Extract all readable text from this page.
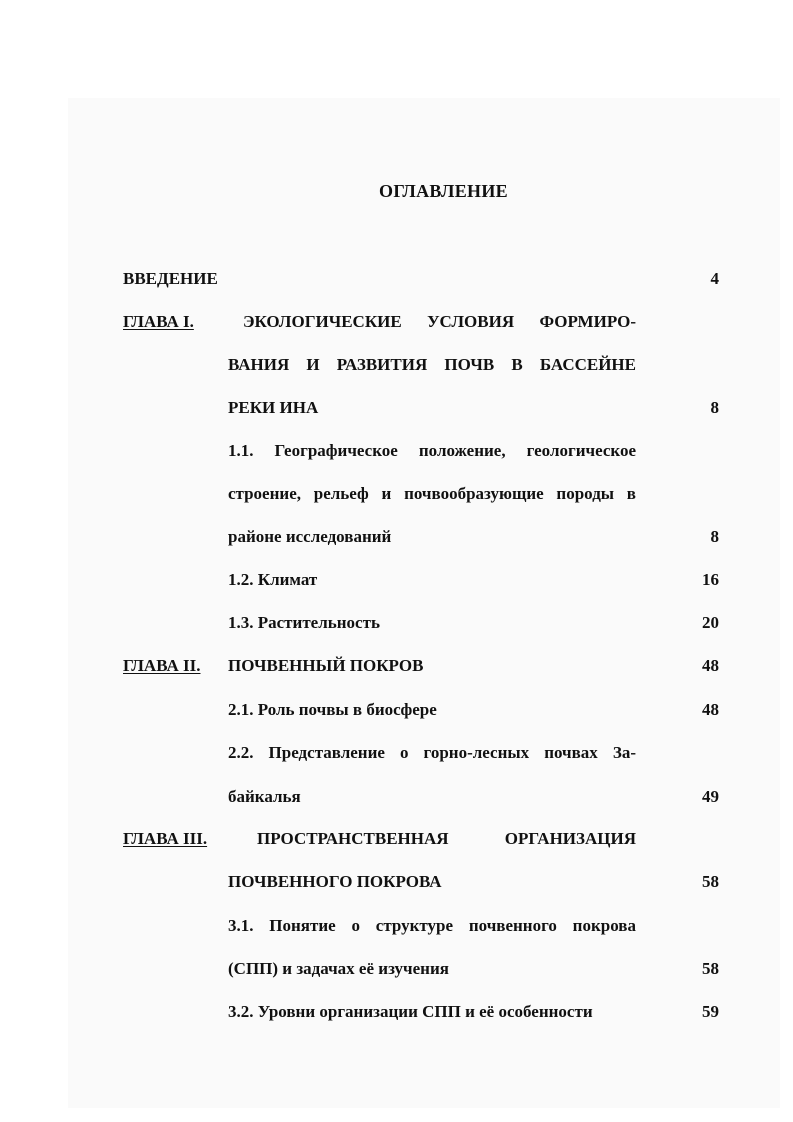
ОГЛАВЛЕНИЕ
ВВЕДЕНИЕ	4
ГЛАВА I.	ЭКОЛОГИЧЕСКИЕ УСЛОВИЯ ФОРМИРО-
ВАНИЯ И РАЗВИТИЯ ПОЧВ В БАССЕЙНЕ
РЕКИ ИНА	8
1.1. Географическое положение, геологическое
строение, рельеф и почвообразующие породы в
районе исследований	8
1.2. Климат	16
1.3. Растительность	20
ГЛАВА II. ПОЧВЕННЫЙ ПОКРОВ	48
2.1. Роль почвы в биосфере	48
2.2. Представление о горно-лесных почвах За-
байкалья	49
ГЛАВА III.	ПРОСТРАНСТВЕННАЯ ОРГАНИЗАЦИЯ
ПОЧВЕННОГО ПОКРОВА	58
3.1. Понятие о структуре почвенного покрова
(СПП) и задачах её изучения	58
3.2. Уровни организации СПП и её особенности	59
